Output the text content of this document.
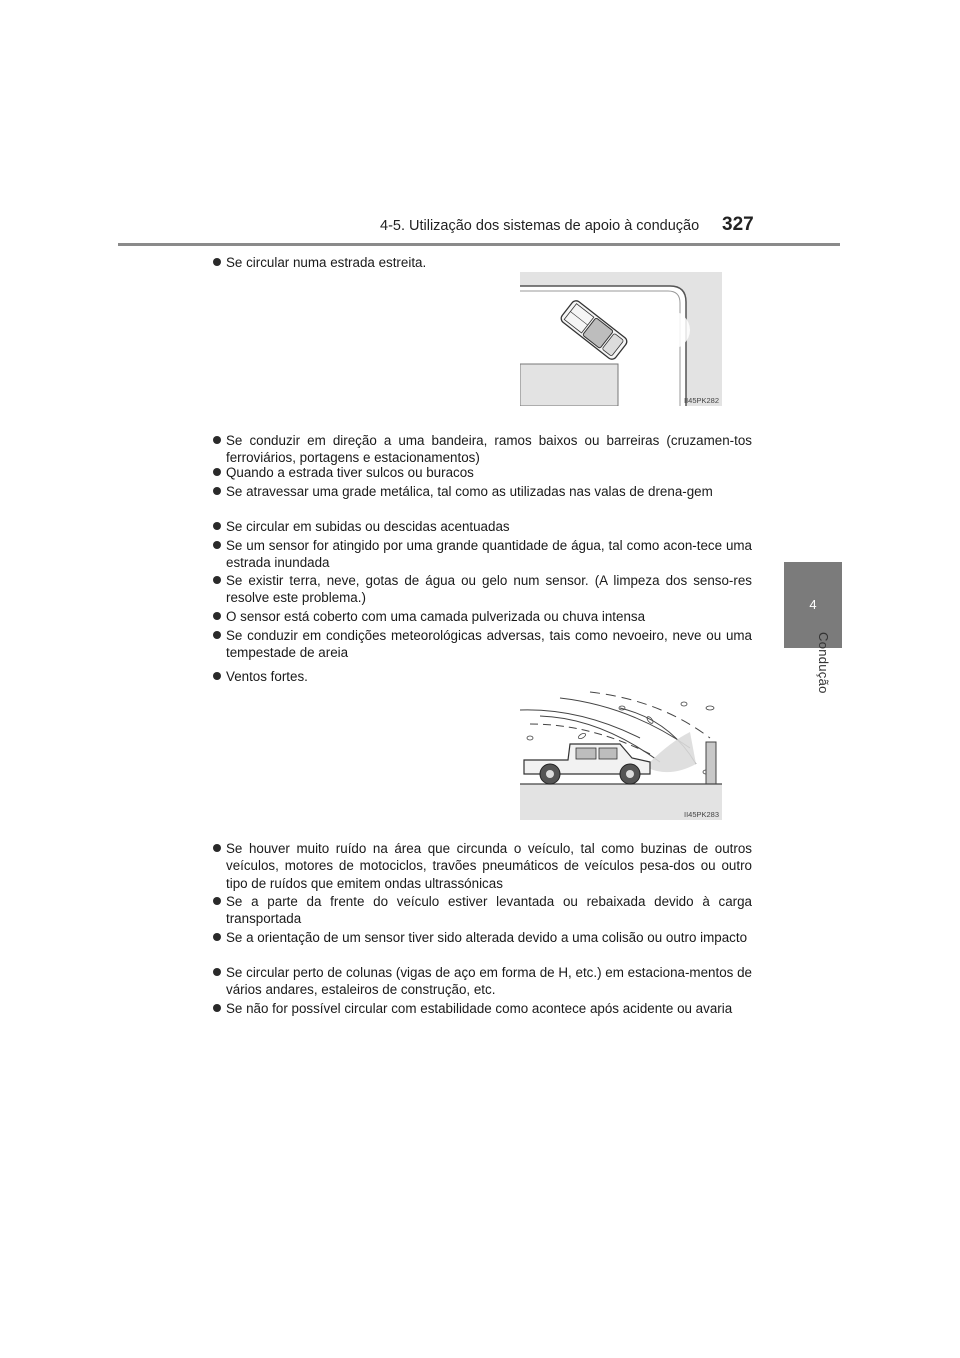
4-5. Utilização dos sistemas de apoio à condução 327
4
Condução
Se circular numa estrada estreita.
II45PK282
Se conduzir em direção a uma bandeira, ramos baixos ou barreiras (cruzamen-tos ferroviários, portagens e estacionamentos)
Quando a estrada tiver sulcos ou buracos
Se atravessar uma grade metálica, tal como as utilizadas nas valas de drena-gem
Se circular em subidas ou descidas acentuadas
Se um sensor for atingido por uma grande quantidade de água, tal como acon-tece uma estrada inundada
Se existir terra, neve, gotas de água ou gelo num sensor. (A limpeza dos senso-res resolve este problema.)
O sensor está coberto com uma camada pulverizada ou chuva intensa
Se conduzir em condições meteorológicas adversas, tais como nevoeiro, neve ou uma tempestade de areia
Ventos fortes.
II45PK283
Se houver muito ruído na área que circunda o veículo, tal como buzinas de outros veículos, motores de motociclos, travões pneumáticos de veículos pesa-dos ou outro tipo de ruídos que emitem ondas ultrassónicas
Se a parte da frente do veículo estiver levantada ou rebaixada devido à carga transportada
Se a orientação de um sensor tiver sido alterada devido a uma colisão ou outro impacto
Se circular perto de colunas (vigas de aço em forma de H, etc.) em estaciona-mentos de vários andares, estaleiros de construção, etc.
Se não for possível circular com estabilidade como acontece após acidente ou avaria
